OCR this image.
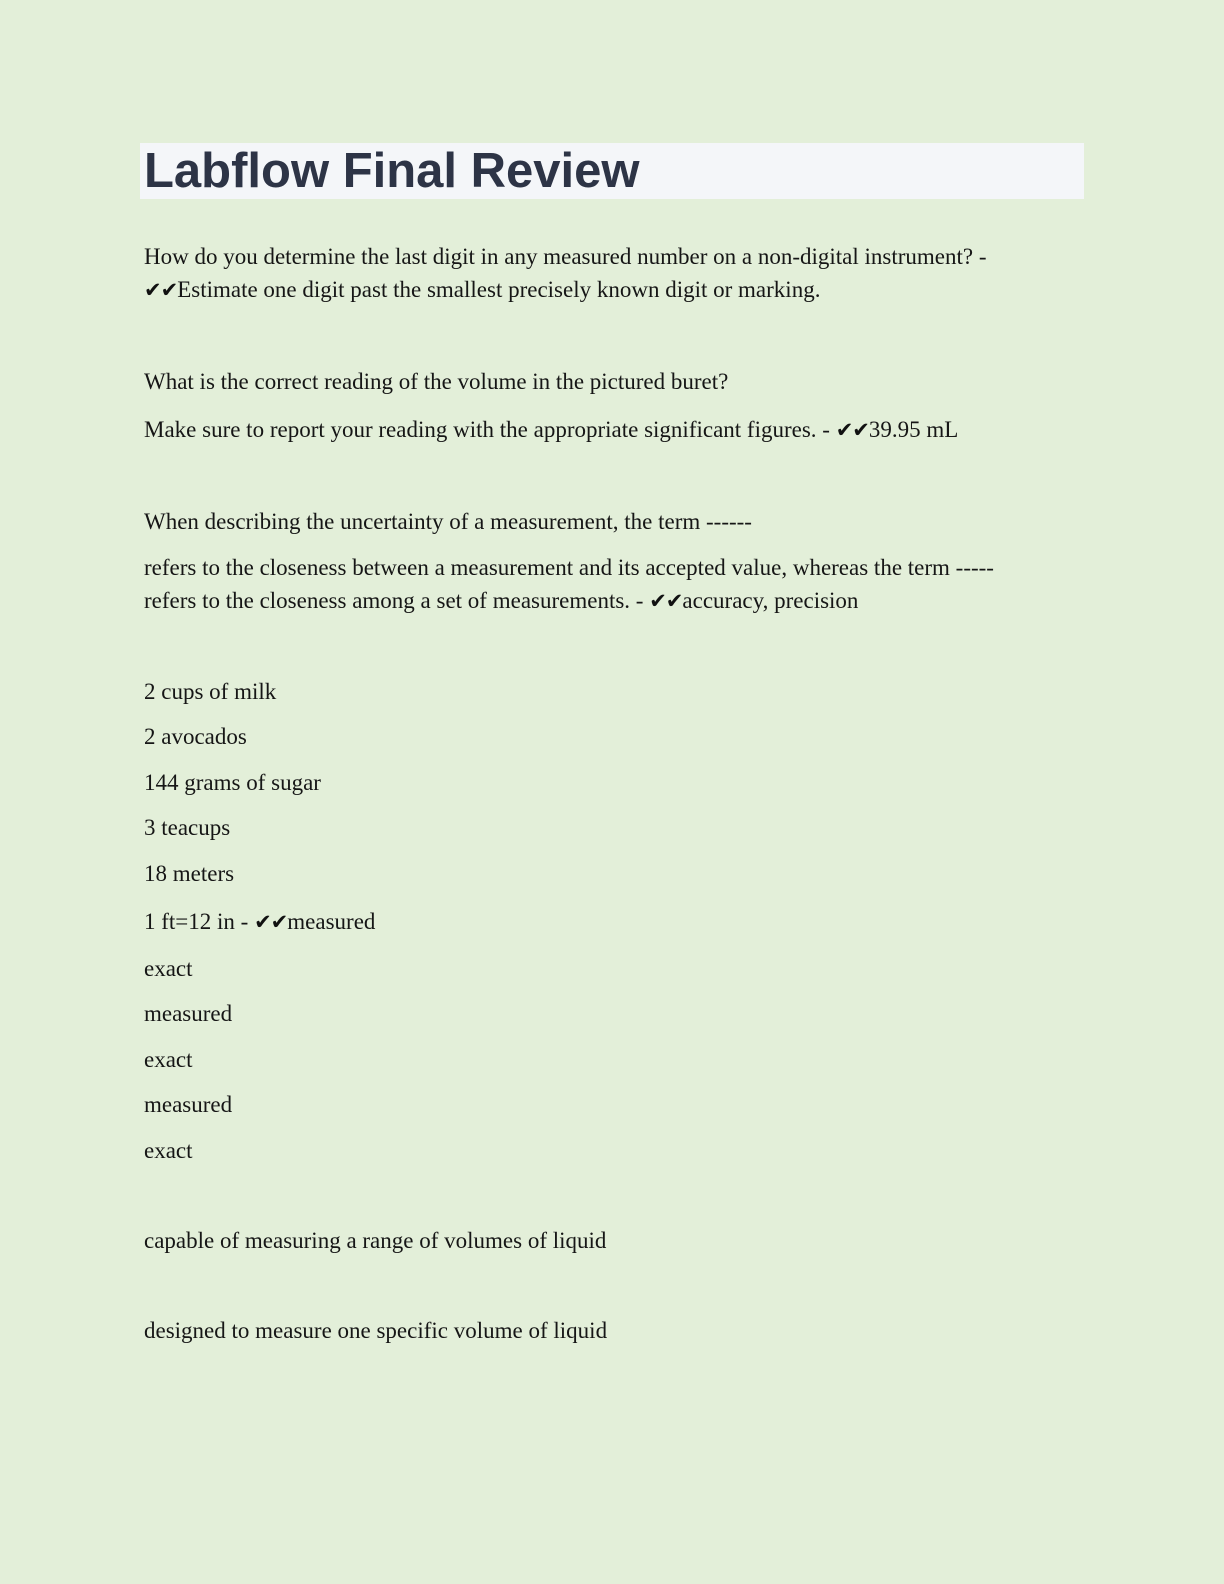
Labflow Final Review

How do you determine the last digit in any measured number on a non-digital instrument? -

✔✔Estimate one digit past the smallest precisely known digit or marking.

What is the correct reading of the volume in the pictured buret?

Make sure to report your reading with the appropriate significant figures. - ✔✔39.95 mL

When describing the uncertainty of a measurement, the term ------

refers to the closeness between a measurement and its accepted value, whereas the term -----

refers to the closeness among a set of measurements. - ✔✔accuracy, precision

2 cups of milk

2 avocados

144 grams of sugar

3 teacups

18 meters

1 ft=12 in - ✔✔measured

exact

measured

exact

measured

exact

capable of measuring a range of volumes of liquid

designed to measure one specific volume of liquid
